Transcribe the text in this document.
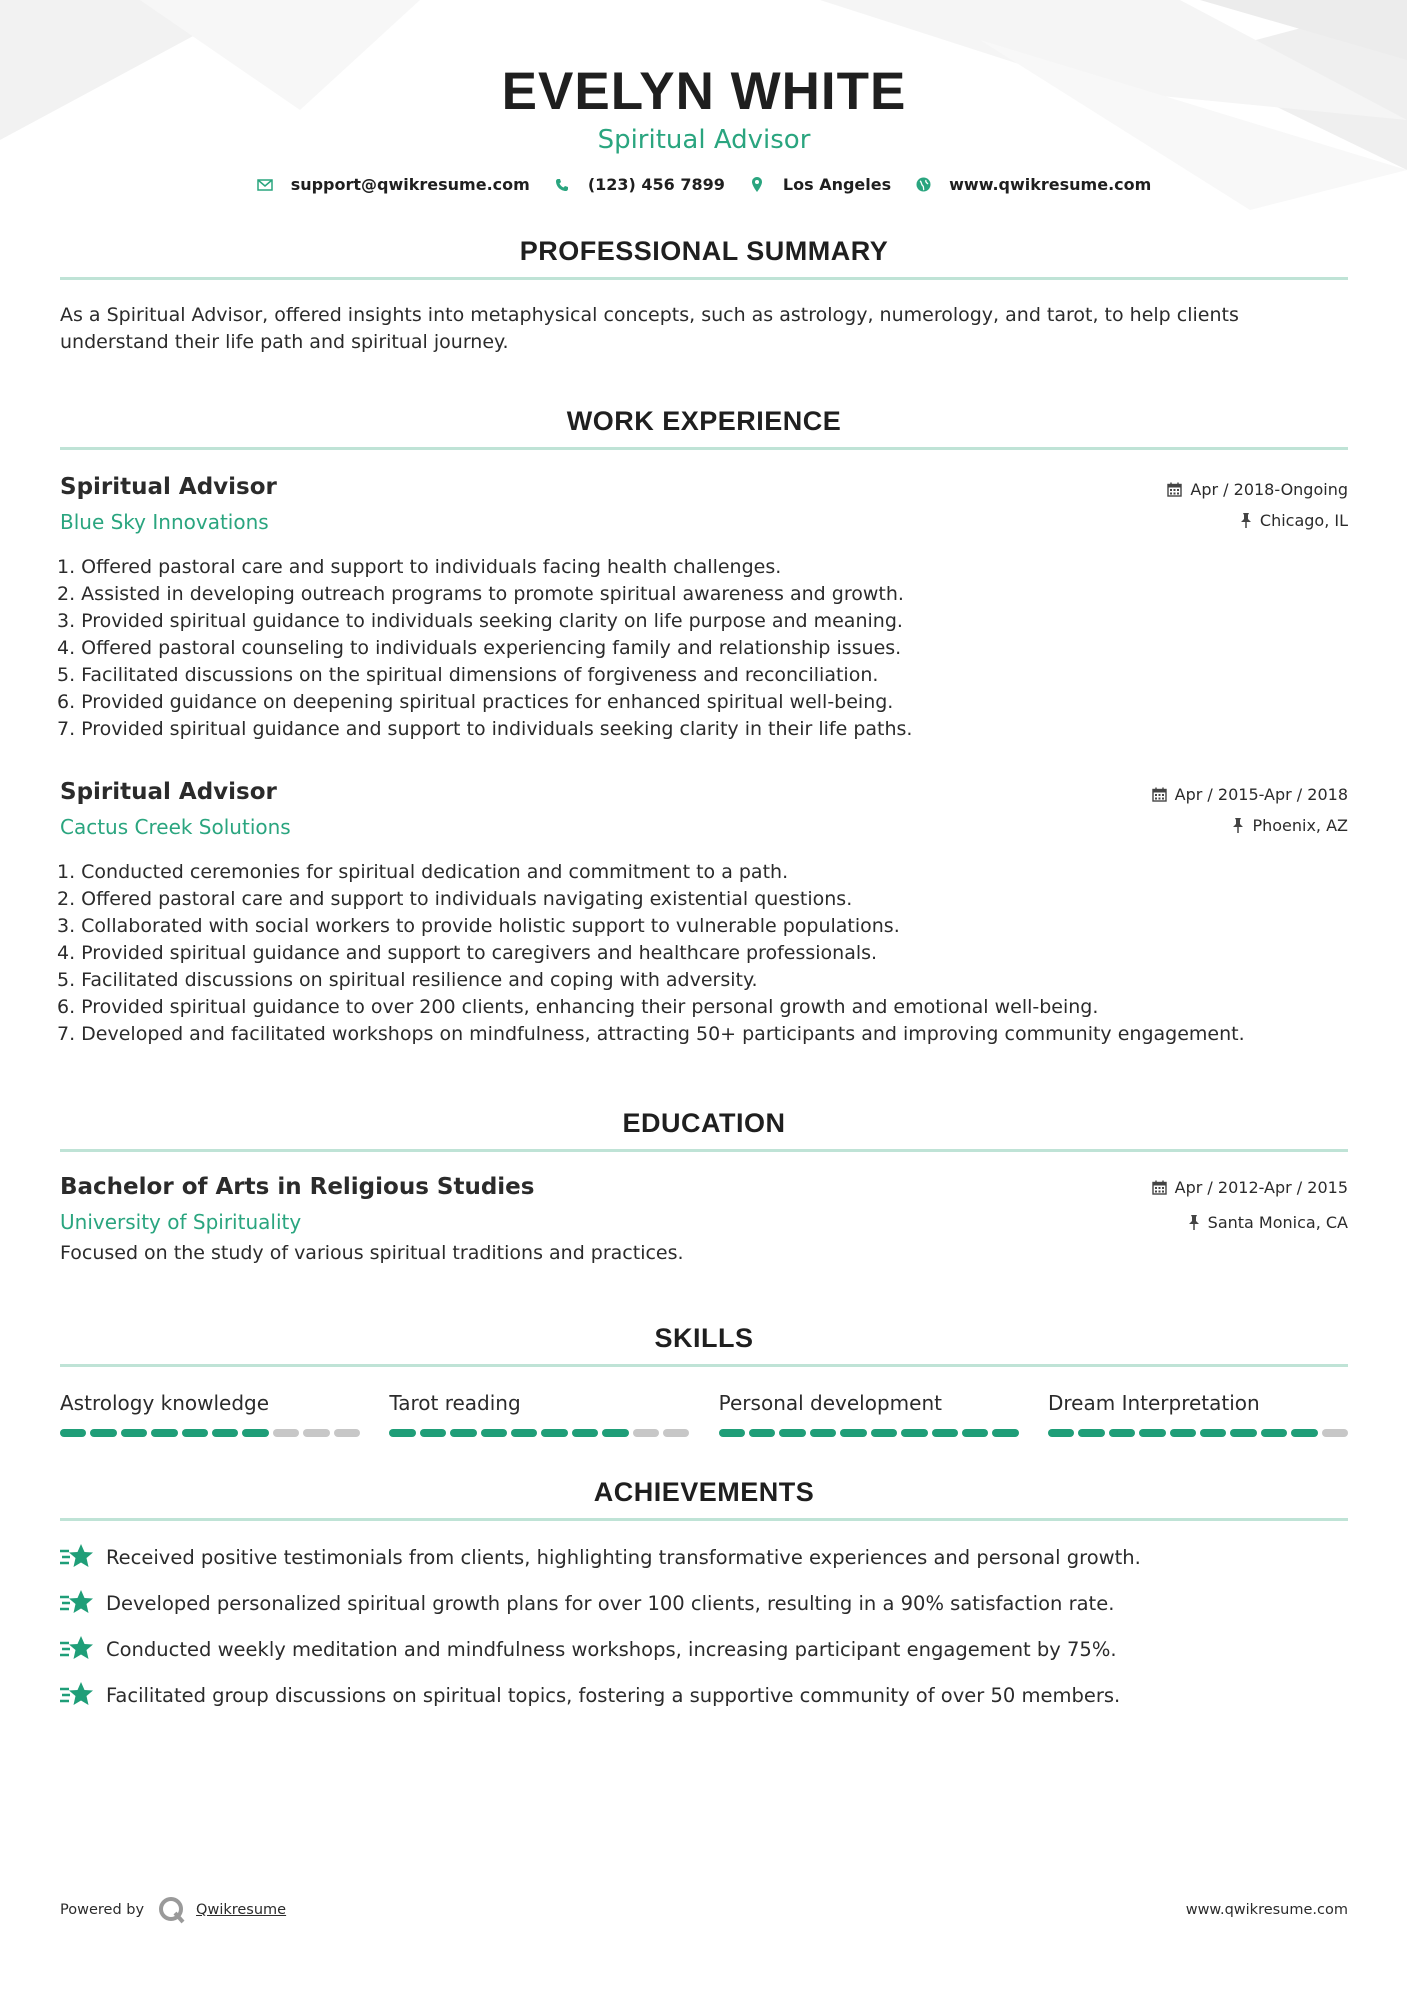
EVELYN WHITE
Spiritual Advisor
support@qwikresume.com	(123) 456 7899	Los Angeles	www.qwikresume.com
PROFESSIONAL SUMMARY
As a Spiritual Advisor, offered insights into metaphysical concepts, such as astrology, numerology, and tarot, to help clients understand their life path and spiritual journey.
WORK EXPERIENCE
Spiritual Advisor
Blue Sky Innovations
Apr / 2018-Ongoing
Chicago, IL
1. Offered pastoral care and support to individuals facing health challenges.
2. Assisted in developing outreach programs to promote spiritual awareness and growth.
3. Provided spiritual guidance to individuals seeking clarity on life purpose and meaning.
4. Offered pastoral counseling to individuals experiencing family and relationship issues.
5. Facilitated discussions on the spiritual dimensions of forgiveness and reconciliation.
6. Provided guidance on deepening spiritual practices for enhanced spiritual well-being.
7. Provided spiritual guidance and support to individuals seeking clarity in their life paths.
Spiritual Advisor
Cactus Creek Solutions
Apr / 2015-Apr / 2018
Phoenix, AZ
1. Conducted ceremonies for spiritual dedication and commitment to a path.
2. Offered pastoral care and support to individuals navigating existential questions.
3. Collaborated with social workers to provide holistic support to vulnerable populations.
4. Provided spiritual guidance and support to caregivers and healthcare professionals.
5. Facilitated discussions on spiritual resilience and coping with adversity.
6. Provided spiritual guidance to over 200 clients, enhancing their personal growth and emotional well-being.
7. Developed and facilitated workshops on mindfulness, attracting 50+ participants and improving community engagement.
EDUCATION
Bachelor of Arts in Religious Studies
University of Spirituality
Apr / 2012-Apr / 2015
Santa Monica, CA
Focused on the study of various spiritual traditions and practices.
SKILLS
Astrology knowledge	Tarot reading	Personal development	Dream Interpretation
ACHIEVEMENTS
Received positive testimonials from clients, highlighting transformative experiences and personal growth.
Developed personalized spiritual growth plans for over 100 clients, resulting in a 90% satisfaction rate.
Conducted weekly meditation and mindfulness workshops, increasing participant engagement by 75%.
Facilitated group discussions on spiritual topics, fostering a supportive community of over 50 members.
Powered by	Qwikresume	www.qwikresume.com
